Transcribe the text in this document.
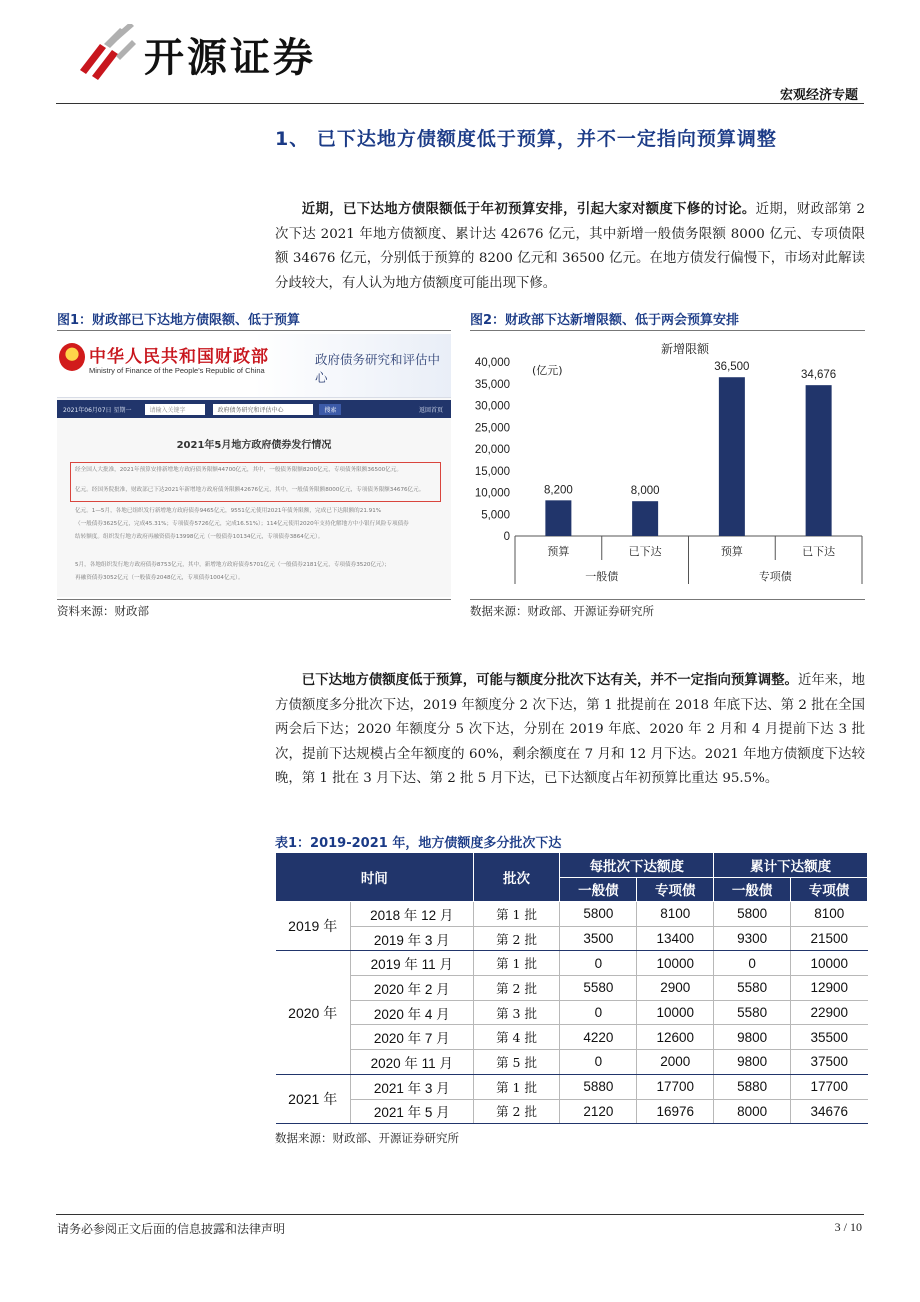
开源证券
宏观经济专题
1、 已下达地方债额度低于预算，并不一定指向预算调整
近期，已下达地方债限额低于年初预算安排，引起大家对额度下修的讨论。近期，财政部第 2 次下达 2021 年地方债额度、累计达 42676 亿元，其中新增一般债务限额 8000 亿元、专项债限额 34676 亿元，分别低于预算的 8200 亿元和 36500 亿元。在地方债发行偏慢下，市场对此解读分歧较大，有人认为地方债额度可能出现下修。
图1：财政部已下达地方债限额、低于预算	图2：财政部下达新增限额、低于两会预算安排
中华人民共和国财政部
Ministry of Finance of the People's Republic of China
政府债务研究和评估中心
2021年06月07日 星期一	请输入关键字	政府债务研究和评估中心	搜索	返回首页
2021年5月地方政府债券发行情况
经全国人大批准，2021年预算安排新增地方政府债务限额44700亿元，其中，一般债务限额8200亿元，专项债务限额36500亿元。
亿元。经国务院批准，财政部已下达2021年新增地方政府债务限额42676亿元，其中，一般债务限额8000亿元，专项债务限额34676亿元。
亿元。1—5月，各地已组织发行新增地方政府债券9465亿元，9551亿元使用2021年债务限额，完成已下达限额的21.91%
（一般债券3625亿元，完成45.31%；专项债券5726亿元，完成16.51%）；114亿元使用2020年支持化解地方中小银行风险专项债券
结转额度。组织发行地方政府再融资债券13998亿元（一般债券10134亿元，专项债券3864亿元）。
5月，各地组织发行地方政府债券8753亿元，其中，新增地方政府债券5701亿元（一般债券2181亿元，专项债券3520亿元）；
再融资债券3052亿元（一般债券2048亿元，专项债券1004亿元）。
新增限额
(亿元)
0
5,000
10,000
15,000
20,000
25,000
30,000
35,000
40,000
8,200
预算
8,000
已下达
36,500
预算
34,676
已下达
一般债	专项债
资料来源：财政部	数据来源：财政部、开源证券研究所
已下达地方债额度低于预算，可能与额度分批次下达有关，并不一定指向预算调整。近年来，地方债额度多分批次下达，2019 年额度分 2 次下达，第 1 批提前在 2018 年底下达、第 2 批在全国两会后下达；2020 年额度分 5 次下达，分别在 2019 年底、2020 年 2 月和 4 月提前下达 3 批次，提前下达规模占全年额度的 60%，剩余额度在 7 月和 12 月下达。2021 年地方债额度下达较晚，第 1 批在 3 月下达、第 2 批 5 月下达，已下达额度占年初预算比重达 95.5%。
表1：2019-2021 年，地方债额度多分批次下达
时间		批次	每批次下达额度		累计下达额度	
			一般债	专项债	一般债	专项债
2019 年	2018 年 12 月	第 1 批	5800	8100	5800	8100
	2019 年 3 月	第 2 批	3500	13400	9300	21500
2020 年	2019 年 11 月	第 1 批	0	10000	0	10000
	2020 年 2 月	第 2 批	5580	2900	5580	12900
	2020 年 4 月	第 3 批	0	10000	5580	22900
	2020 年 7 月	第 4 批	4220	12600	9800	35500
	2020 年 11 月	第 5 批	0	2000	9800	37500
2021 年	2021 年 3 月	第 1 批	5880	17700	5880	17700
	2021 年 5 月	第 2 批	2120	16976	8000	34676
数据来源：财政部、开源证券研究所
请务必参阅正文后面的信息披露和法律声明	3 / 10
